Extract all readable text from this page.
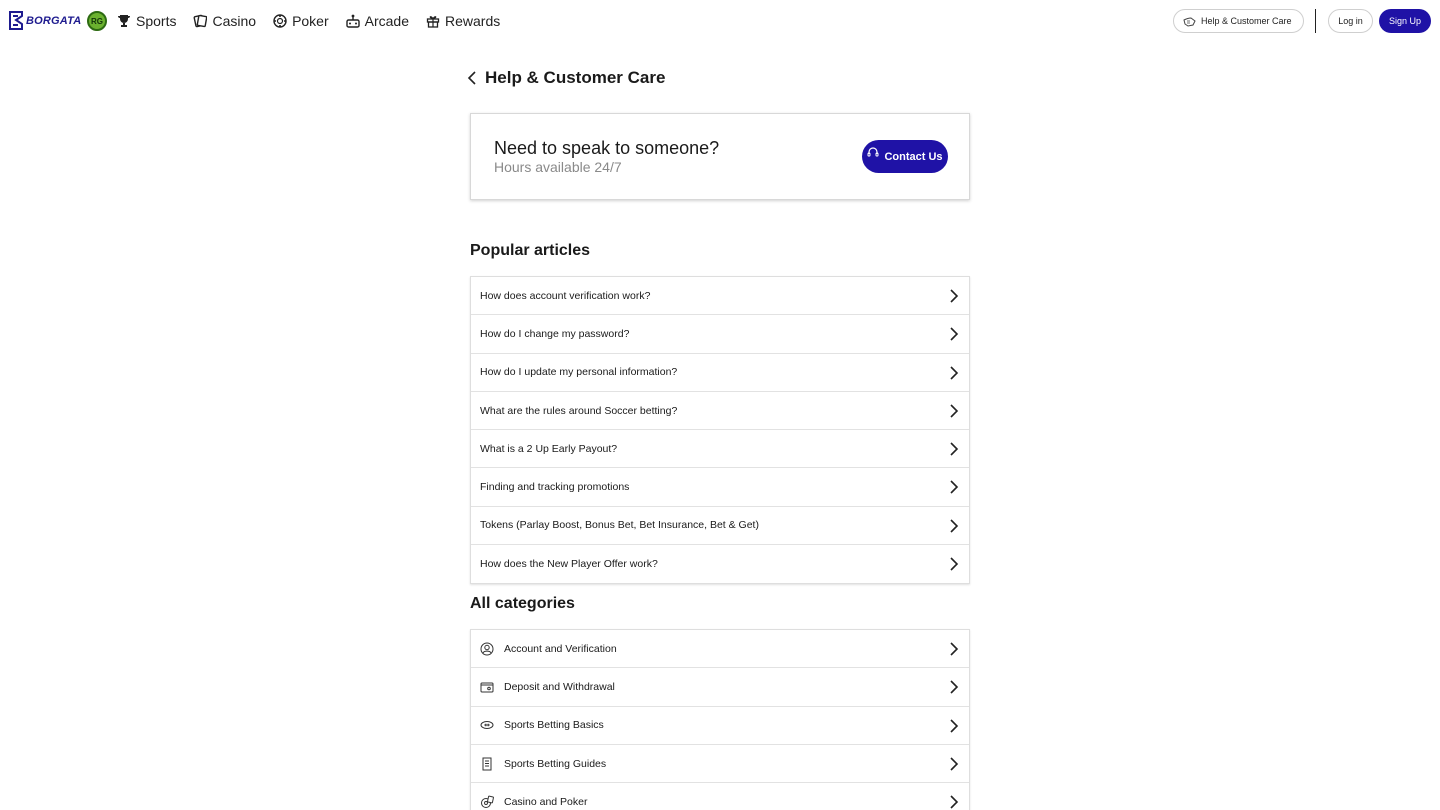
BORGATA	RG Sports	Casino	Poker	Arcade	Rewards	Help & Customer Care	Log in	Sign Up
Help & Customer Care
Need to speak to someone?
Hours available 24/7
Contact Us
Popular articles
How does account verification work?
How do I change my password?
How do I update my personal information?
What are the rules around Soccer betting?
What is a 2 Up Early Payout?
Finding and tracking promotions
Tokens (Parlay Boost, Bonus Bet, Bet Insurance, Bet & Get)
How does the New Player Offer work?
All categories
Account and Verification
Deposit and Withdrawal
Sports Betting Basics
Sports Betting Guides
Casino and Poker
